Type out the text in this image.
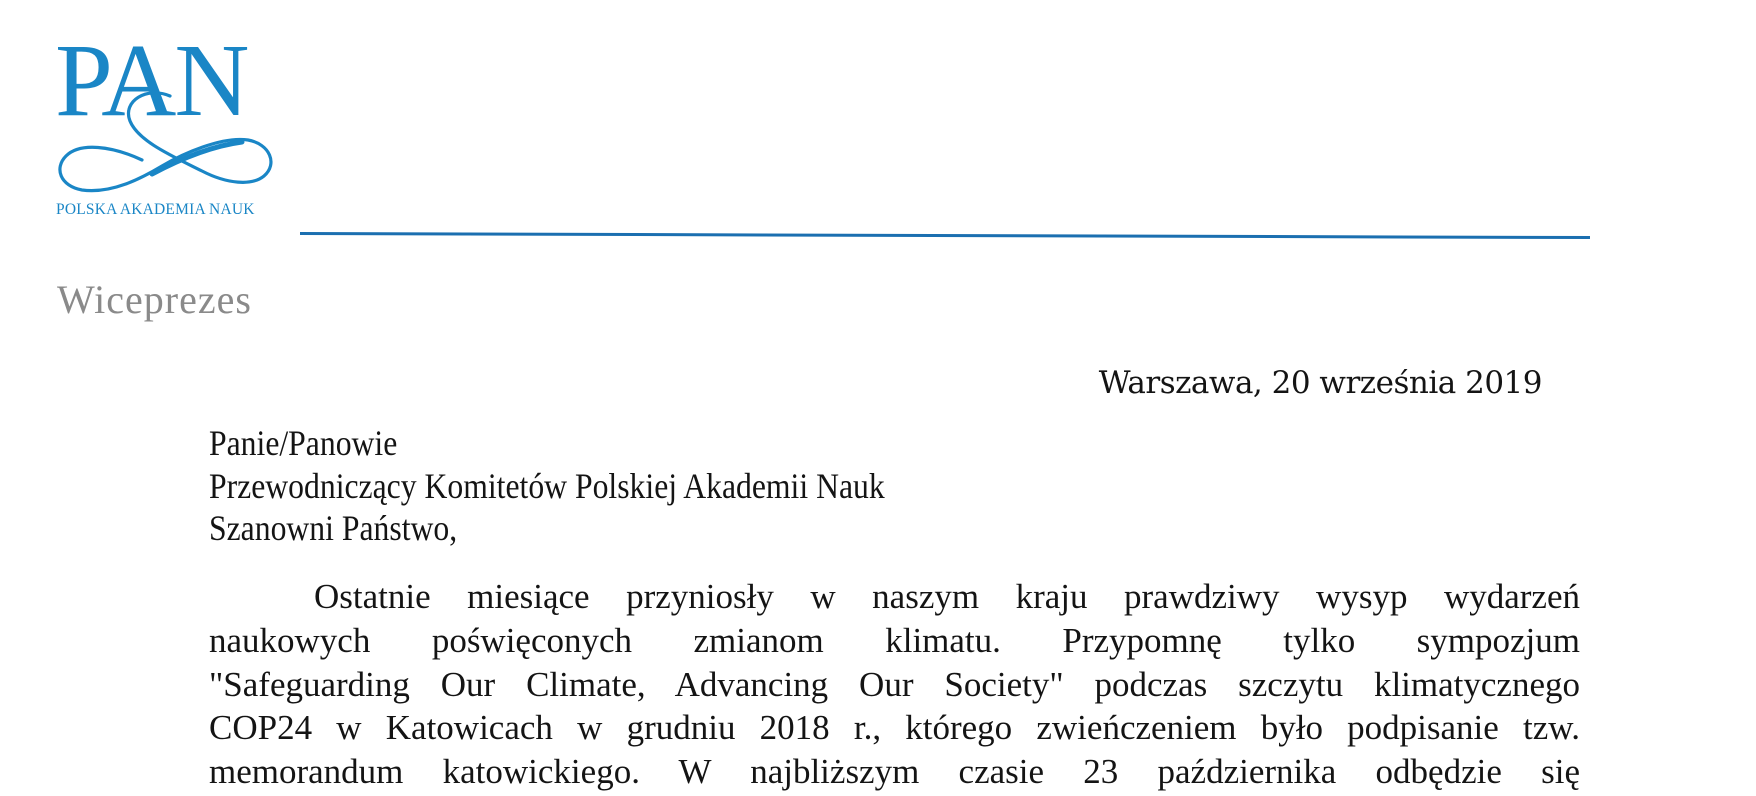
PAN
POLSKA AKADEMIA NAUK
Wiceprezes
Warszawa, 20 września 2019
Panie/Panowie
Przewodniczący Komitetów Polskiej Akademii Nauk
Szanowni Państwo,
Ostatnie miesiące przyniosły w naszym kraju prawdziwy wysyp wydarzeń
naukowych poświęconych zmianom klimatu. Przypomnę tylko sympozjum
"Safeguarding Our Climate, Advancing Our Society" podczas szczytu klimatycznego
COP24 w Katowicach w grudniu 2018 r., którego zwieńczeniem było podpisanie tzw.
memorandum katowickiego. W najbliższym czasie 23 października odbędzie się
